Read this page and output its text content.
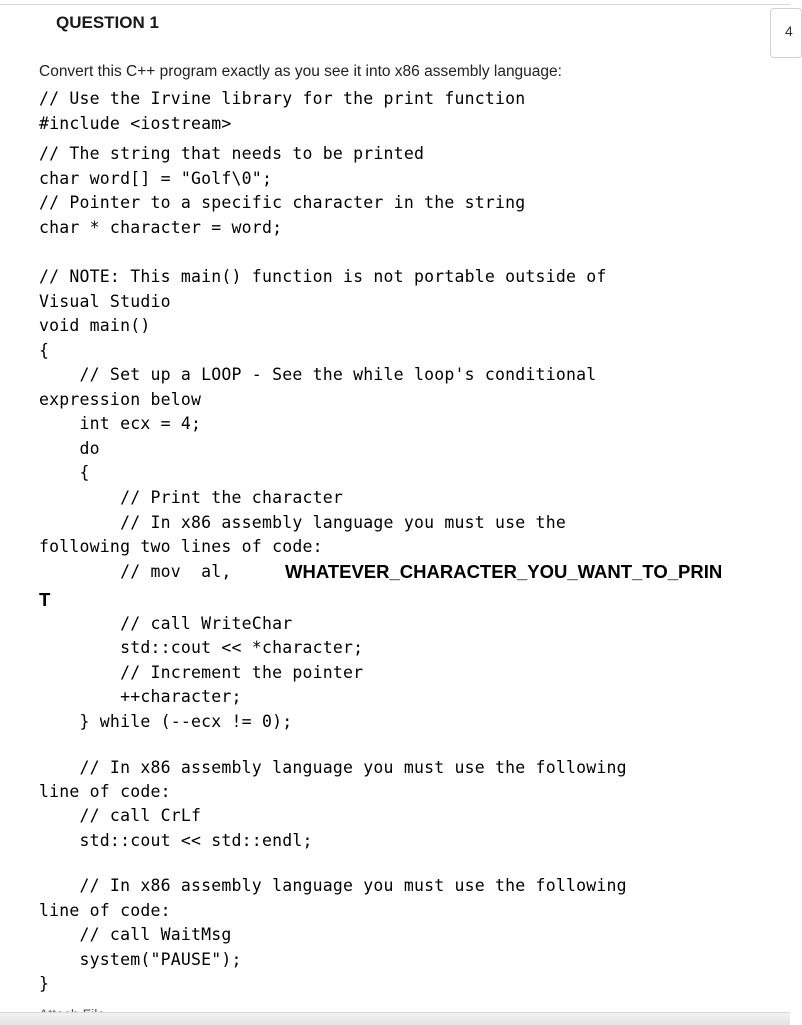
QUESTION 1	4
Convert this C++ program exactly as you see it into x86 assembly language:
// Use the Irvine library for the print function
#include <iostream>
// The string that needs to be printed
char word[] = "Golf\0";
// Pointer to a specific character in the string
char * character = word;
// NOTE: This main() function is not portable outside of
Visual Studio
void main()
{
// Set up a LOOP - See the while loop's conditional
expression below
int ecx = 4;
do
{
// Print the character
// In x86 assembly language you must use the
following two lines of code:
// mov  al, WHATEVER_CHARACTER_YOU_WANT_TO_PRIN
T
// call WriteChar
std::cout << *character;
// Increment the pointer
++character;
} while (--ecx != 0);
// In x86 assembly language you must use the following
line of code:
// call CrLf
std::cout << std::endl;
// In x86 assembly language you must use the following
line of code:
// call WaitMsg
system("PAUSE");
}
